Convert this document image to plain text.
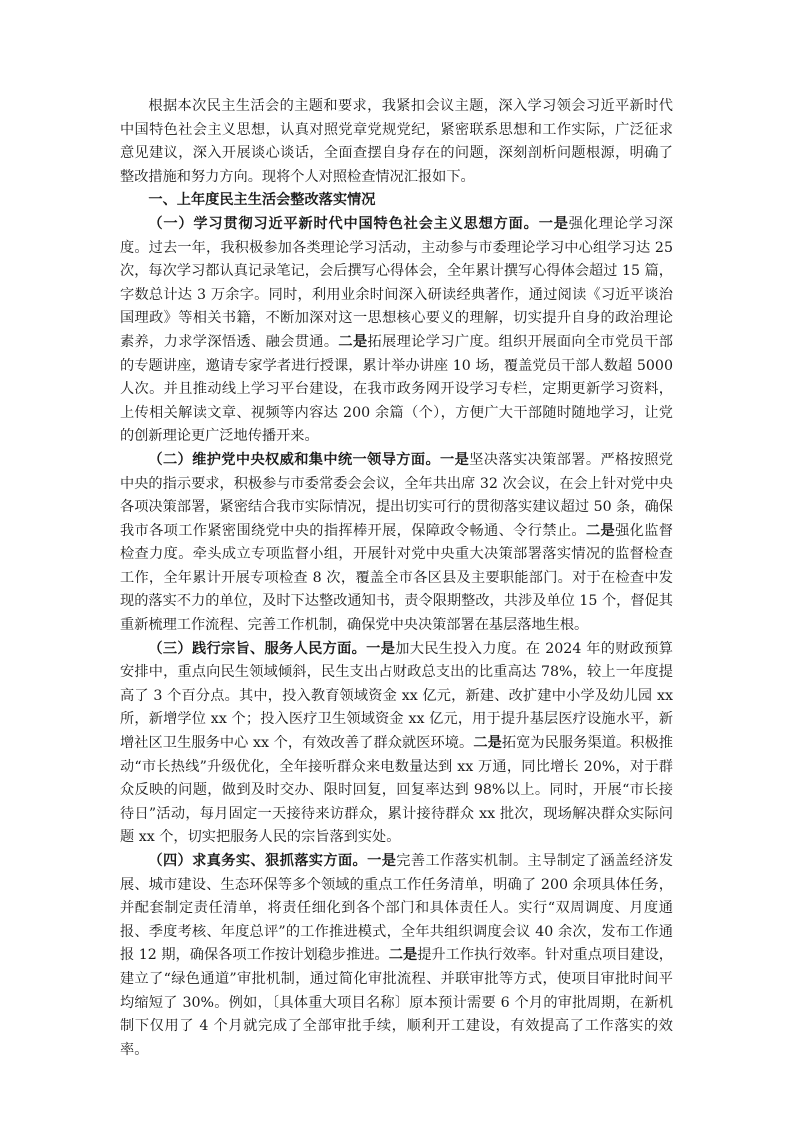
根据本次民主生活会的主题和要求，我紧扣会议主题，深入学习领会习近平新时代中国特色社会主义思想，认真对照党章党规党纪，紧密联系思想和工作实际，广泛征求意见建议，深入开展谈心谈话，全面查摆自身存在的问题，深刻剖析问题根源，明确了整改措施和努力方向。现将个人对照检查情况汇报如下。

一、上年度民主生活会整改落实情况

（一）学习贯彻习近平新时代中国特色社会主义思想方面。一是强化理论学习深度。过去一年，我积极参加各类理论学习活动，主动参与市委理论学习中心组学习达 25 次，每次学习都认真记录笔记，会后撰写心得体会，全年累计撰写心得体会超过 15 篇，字数总计达 3 万余字。同时，利用业余时间深入研读经典著作，通过阅读《习近平谈治国理政》等相关书籍，不断加深对这一思想核心要义的理解，切实提升自身的政治理论素养，力求学深悟透、融会贯通。二是拓展理论学习广度。组织开展面向全市党员干部的专题讲座，邀请专家学者进行授课，累计举办讲座 10 场，覆盖党员干部人数超 5000 人次。并且推动线上学习平台建设，在我市政务网开设学习专栏，定期更新学习资料，上传相关解读文章、视频等内容达 200 余篇（个），方便广大干部随时随地学习，让党的创新理论更广泛地传播开来。

（二）维护党中央权威和集中统一领导方面。一是坚决落实决策部署。严格按照党中央的指示要求，积极参与市委常委会会议，全年共出席 32 次会议，在会上针对党中央各项决策部署，紧密结合我市实际情况，提出切实可行的贯彻落实建议超过 50 条，确保我市各项工作紧密围绕党中央的指挥棒开展，保障政令畅通、令行禁止。二是强化监督检查力度。牵头成立专项监督小组，开展针对党中央重大决策部署落实情况的监督检查工作，全年累计开展专项检查 8 次，覆盖全市各区县及主要职能部门。对于在检查中发现的落实不力的单位，及时下达整改通知书，责令限期整改，共涉及单位 15 个，督促其重新梳理工作流程、完善工作机制，确保党中央决策部署在基层落地生根。

（三）践行宗旨、服务人民方面。一是加大民生投入力度。在 2024 年的财政预算安排中，重点向民生领域倾斜，民生支出占财政总支出的比重高达 78%，较上一年度提高了 3 个百分点。其中，投入教育领域资金 xx 亿元，新建、改扩建中小学及幼儿园 xx 所，新增学位 xx 个；投入医疗卫生领域资金 xx 亿元，用于提升基层医疗设施水平，新增社区卫生服务中心 xx 个，有效改善了群众就医环境。二是拓宽为民服务渠道。积极推动“市长热线”升级优化，全年接听群众来电数量达到 xx 万通，同比增长 20%，对于群众反映的问题，做到及时交办、限时回复，回复率达到 98%以上。同时，开展“市长接待日”活动，每月固定一天接待来访群众，累计接待群众 xx 批次，现场解决群众实际问题 xx 个，切实把服务人民的宗旨落到实处。

（四）求真务实、狠抓落实方面。一是完善工作落实机制。主导制定了涵盖经济发展、城市建设、生态环保等多个领域的重点工作任务清单，明确了 200 余项具体任务，并配套制定责任清单，将责任细化到各个部门和具体责任人。实行“双周调度、月度通报、季度考核、年度总评”的工作推进模式，全年共组织调度会议 40 余次，发布工作通报 12 期，确保各项工作按计划稳步推进。二是提升工作执行效率。针对重点项目建设，建立了“绿色通道”审批机制，通过简化审批流程、并联审批等方式，使项目审批时间平均缩短了 30%。例如，〔具体重大项目名称〕原本预计需要 6 个月的审批周期，在新机制下仅用了 4 个月就完成了全部审批手续，顺利开工建设，有效提高了工作落实的效率。
